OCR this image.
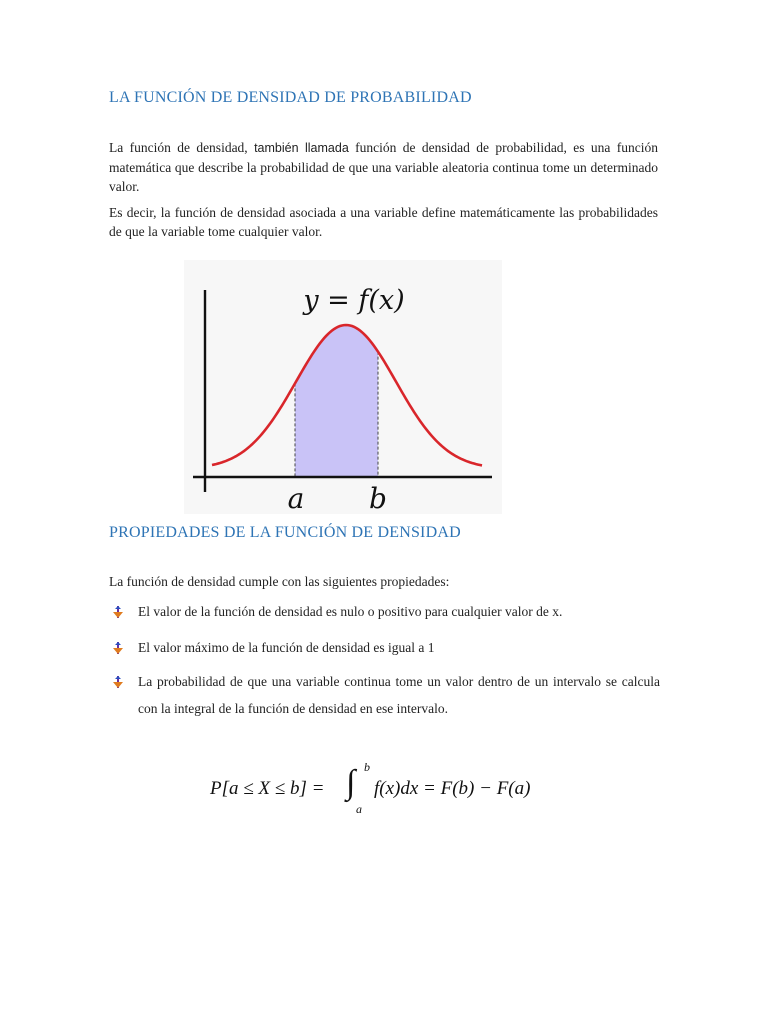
LA FUNCIÓN DE DENSIDAD DE PROBABILIDAD

La función de densidad, también llamada función de densidad de probabilidad, es una función matemática que describe la probabilidad de que una variable aleatoria continua tome un determinado valor.

Es decir, la función de densidad asociada a una variable define matemáticamente las probabilidades de que la variable tome cualquier valor.

y = f(x)
a b
PROPIEDADES DE LA FUNCIÓN DE DENSIDAD

La función de densidad cumple con las siguientes propiedades:

El valor de la función de densidad es nulo o positivo para cualquier valor de x.
El valor máximo de la función de densidad es igual a 1
La probabilidad de que una variable continua tome un valor dentro de un intervalo se calcula con la integral de la función de densidad en ese intervalo.
P[a ≤ X ≤ b] = ∫ b
a
f(x)dx = F(b) − F(a)
